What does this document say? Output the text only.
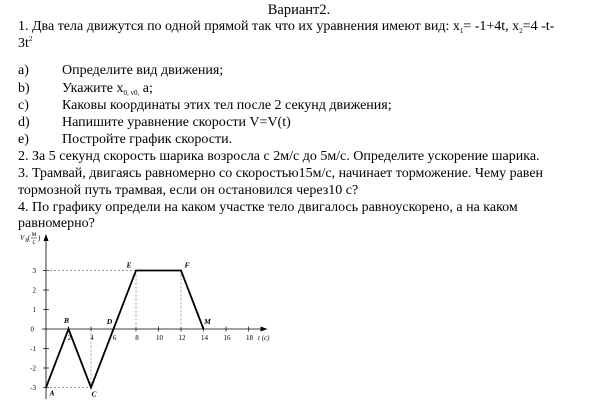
Вариант2.
1. Два тела движутся по одной прямой так что их уравнения имеют вид: $x_1= -1+4t$, $x_2=4$ -t-
$3t^2$
a) Определите вид движения;
b) Укажите $x_{0, v0,}$ a;
c) Каковы координаты этих тел после 2 секунд движения;
d) Напишите уравнение скорости V=V(t)
e) Постройте график скорости.
2. За 5 секунд скорость шарика возросла с 2м/с до 5м/с. Определите ускорение шарика.
3. Трамвай, двигаясь равномерно со скоростью15м/с, начинает торможение. Чему равен
тормозной путь трамвая, если он остановился через10 с?
4. По графику определи на каком участке тело двигалось равноускорено, а на каком
равномерно?
3
2
1
0
-1
-2
-3
2	4	6	8 10 12 14 16 18 t (с)
V x ( м
с )
A
B
C
D
E	F
M
